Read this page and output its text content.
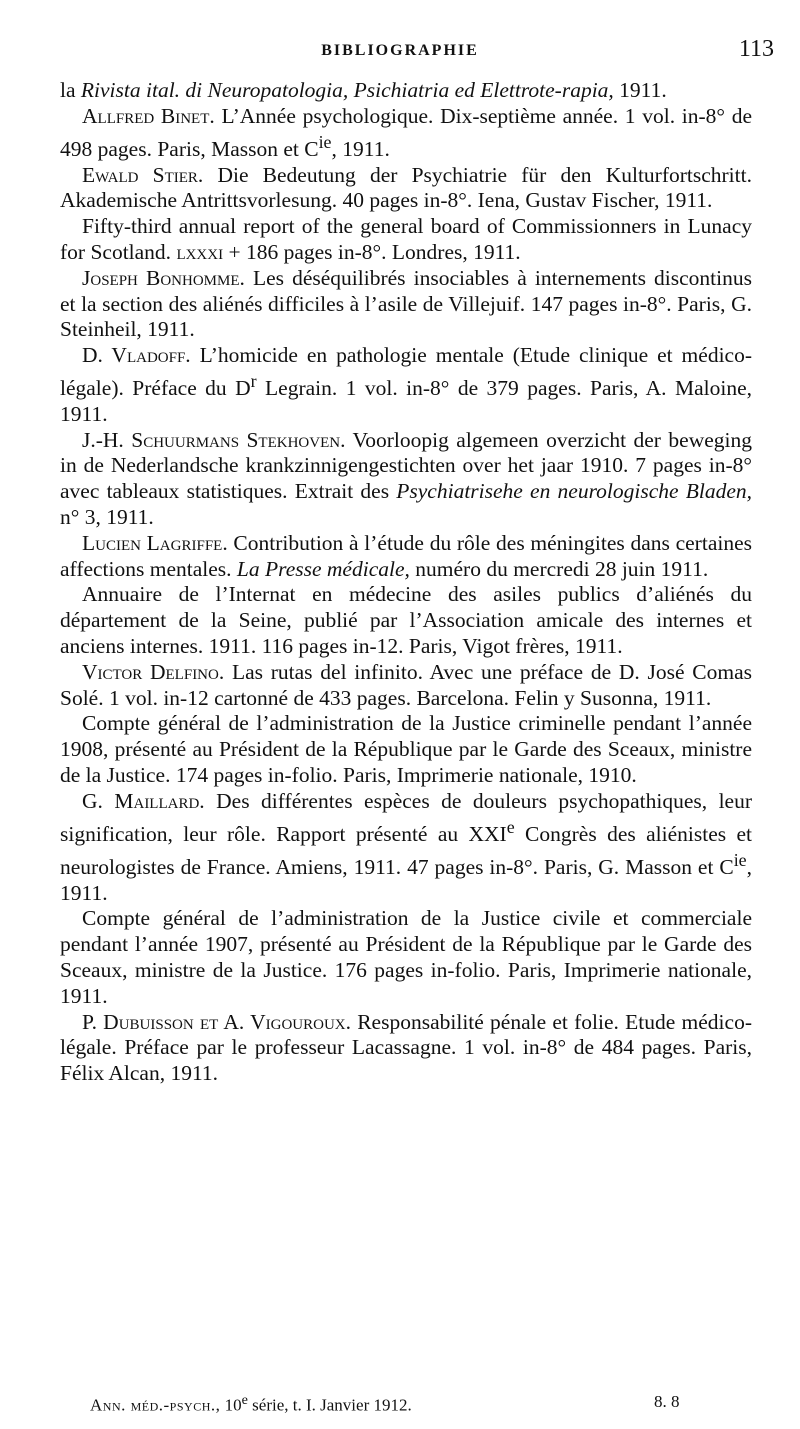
BIBLIOGRAPHIE	113

la Rivista ital. di Neuropatologia, Psichiatria ed Elettrote-rapia, 1911.

Allfred Binet. L’Année psychologique. Dix-septième année. 1 vol. in-8° de 498 pages. Paris, Masson et $C^{ie}$, 1911.

Ewald Stier. Die Bedeutung der Psychiatrie für den Kulturfortschritt. Akademische Antrittsvorlesung. 40 pages in-8°. Iena, Gustav Fischer, 1911.

Fifty-third annual report of the general board of Commissionners in Lunacy for Scotland. lxxxi + 186 pages in-8°. Londres, 1911.

Joseph Bonhomme. Les déséquilibrés insociables à internements discontinus et la section des aliénés difficiles à l’asile de Villejuif. 147 pages in-8°. Paris, G. Steinheil, 1911.

D. Vladoff. L’homicide en pathologie mentale (Etude clinique et médico-légale). Préface du $D^r$ Legrain. 1 vol. in-8° de 379 pages. Paris, A. Maloine, 1911.

J.-H. Schuurmans Stekhoven. Voorloopig algemeen overzicht der beweging in de Nederlandsche krankzinnigengestichten over het jaar 1910. 7 pages in-8° avec tableaux statistiques. Extrait des Psychiatrisehe en neurologische Bladen, n° 3, 1911.

Lucien Lagriffe. Contribution à l’étude du rôle des méningites dans certaines affections mentales. La Presse médicale, numéro du mercredi 28 juin 1911.

Annuaire de l’Internat en médecine des asiles publics d’aliénés du département de la Seine, publié par l’Association amicale des internes et anciens internes. 1911. 116 pages in-12. Paris, Vigot frères, 1911.

Victor Delfino. Las rutas del infinito. Avec une préface de D. José Comas Solé. 1 vol. in-12 cartonné de 433 pages. Barcelona. Felin y Susonna, 1911.

Compte général de l’administration de la Justice criminelle pendant l’année 1908, présenté au Président de la République par le Garde des Sceaux, ministre de la Justice. 174 pages in-folio. Paris, Imprimerie nationale, 1910.

G. Maillard. Des différentes espèces de douleurs psychopathiques, leur signification, leur rôle. Rapport présenté au XXIe Congrès des aliénistes et neurologistes de France. Amiens, 1911. 47 pages in-8°. Paris, G. Masson et $C^{ie}$, 1911.

Compte général de l’administration de la Justice civile et commerciale pendant l’année 1907, présenté au Président de la République par le Garde des Sceaux, ministre de la Justice. 176 pages in-folio. Paris, Imprimerie nationale, 1911.

P. Dubuisson et A. Vigouroux. Responsabilité pénale et folie. Etude médico-légale. Préface par le professeur Lacassagne. 1 vol. in-8° de 484 pages. Paris, Félix Alcan, 1911.

Ann. méd.-psych., 10e série, t. I. Janvier 1912.	8. 8
